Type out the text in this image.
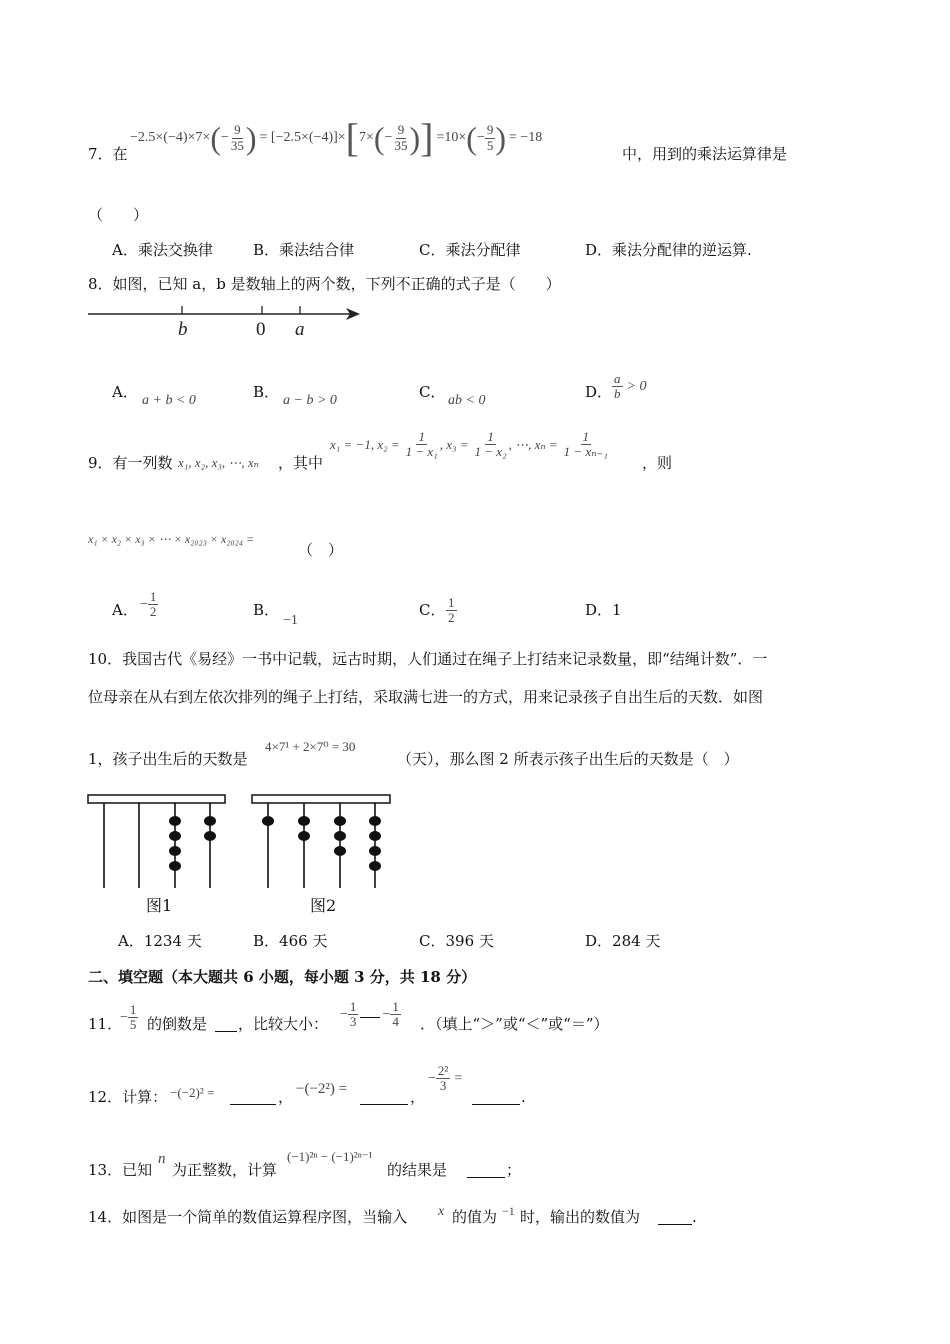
7．在
−2.5×(−4)×7× ( − $\frac{9}{35}$ ) = [−2.5×(−4)]× [ 7× ( − $\frac{9}{35}$ ) ] =10× ( − $\frac{9}{5}$ ) = −18
中，用到的乘法运算律是
（　　）
A．乘法交换律	B．乘法结合律	C．乘法分配律	D．乘法分配律的逆运算.
8．如图，已知 a，b 是数轴上的两个数，下列不正确的式子是（　　）
b	0 a
A． a + b < 0	B． a − b > 0	C． ab < 0	D．
a
b > 0
9．有一列数 x₁, x₂, x₃, ⋯, xₙ ，其中
x₁ = −1, $x_2 = \frac{1}{\text{1 − x₁}}$ , $x_3 = \frac{1}{\text{1 − x₂}}$ , ⋯, $x_n = \frac{1}{\text{1 − xₙ₋₁}}$
，则
x₁ × x₂ × x₃ × ⋯ × x₂₀₂₃ × x₂₀₂₄ =
（　）
A． − $\frac{1}{2}$	B．
−1
C． $\frac{1}{2}$	D．1
10．我国古代《易经》一书中记载，远古时期，人们通过在绳子上打结来记录数量，即“结绳计数”．一
位母亲在从右到左依次排列的绳子上打结，采取满七进一的方式，用来记录孩子自出生后的天数．如图
1，孩子出生后的天数是
4×7¹ + 2×7⁰ = 30
（天），那么图 2 所表示孩子出生后的天数是（　）
图1	图2
A．1234 天	B．466 天	C．396 天	D．284 天
二、填空题（本大题共 6 小题，每小题 3 分，共 18 分）
11．
− $\frac{1}{5}$ 的倒数是 ，比较大小：
− $\frac{1}{3} - \frac{1}{4}$ ．（填上“＞”或“＜”或“＝”）
12．计算： −(−2)² =	， −(−2²) =	，
− $\frac{\text{2²}}{3}$ =
.
13．已知
n
为正整数，计算
(−1)²ⁿ − (−1)²ⁿ⁻¹
的结果是	；
14．如图是一个简单的数值运算程序图，当输入 x 的值为 −1 时，输出的数值为	.
